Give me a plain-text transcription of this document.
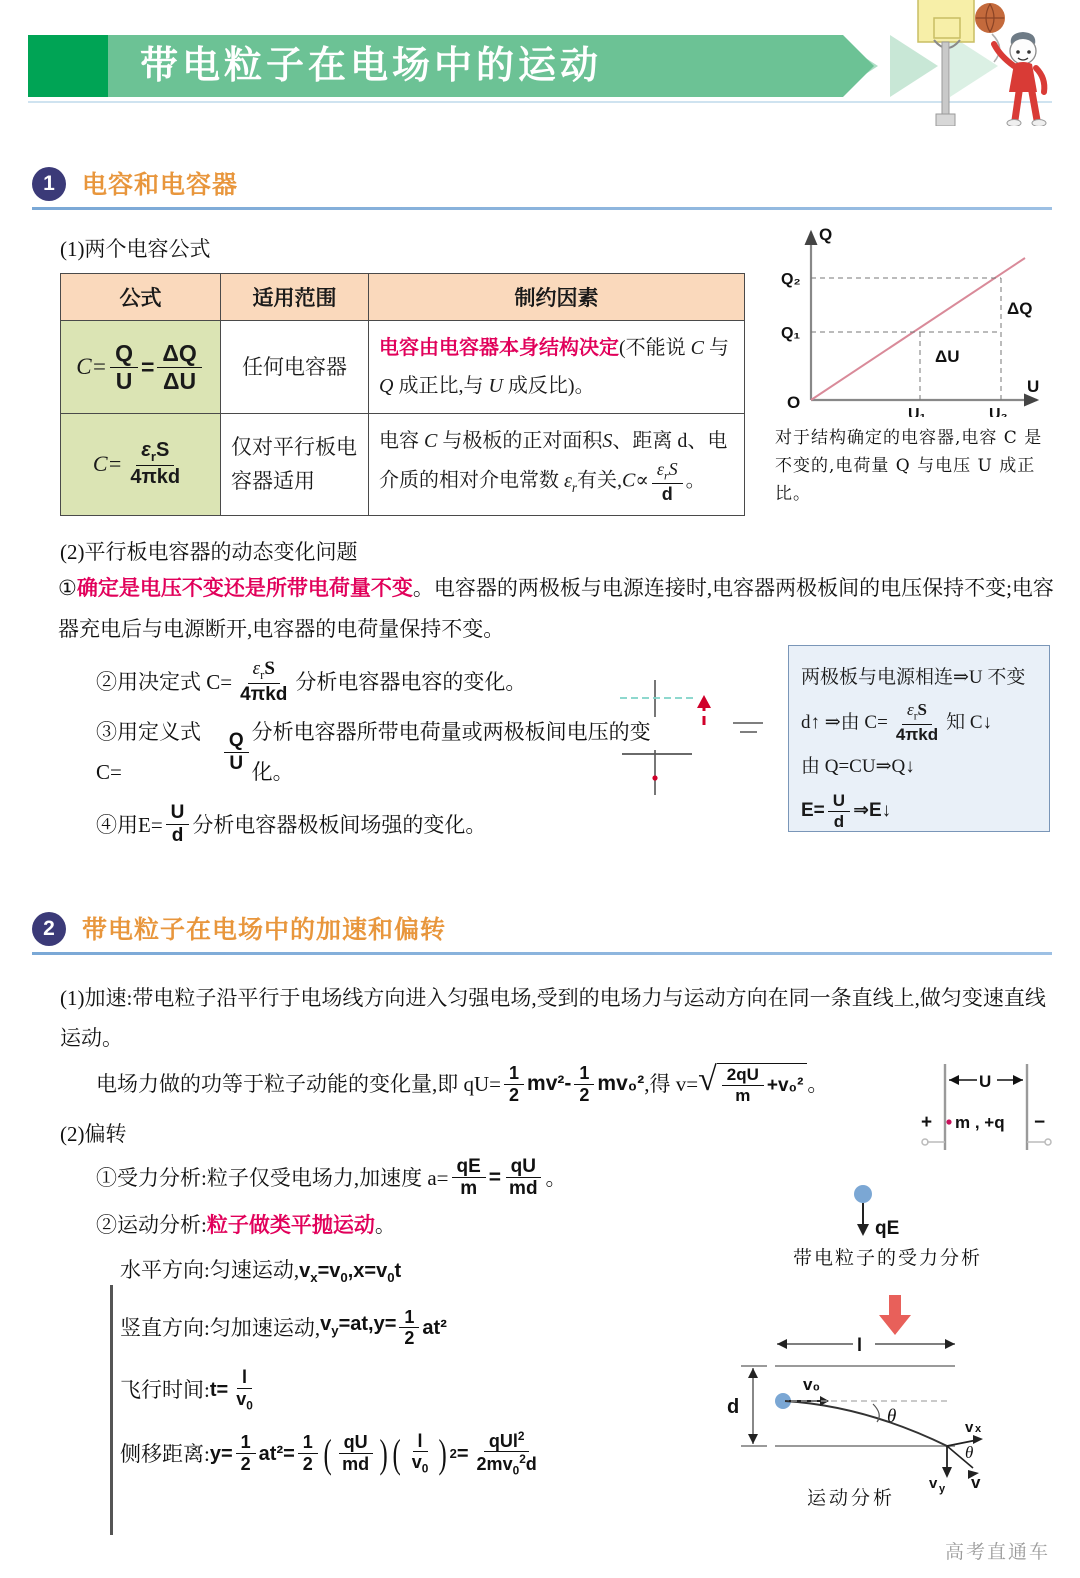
带电粒子在电场中的运动
1	电容和电容器
(1)两个电容公式
公式	适用范围	制约因素

$C= \frac{Q}{U} = \frac{\Delta Q}{\Delta U}$	任何电容器	电容由电容器本身结构决定(不能说 C 与 Q 成正比,与 U 成反比)。

$C= \frac{\varepsilon_rS}{\text{4πkd}}$	仅对平行板电容器适用	电容 C 与极板的正对面积S、距离 d、电介质的相对介电常数 $\varepsilon_r$有关$,C\propto \frac{\varepsilon_rS}{d}$ 。
Q
U
O
Q₂
Q₁
U₁	U₂
ΔQ
ΔU
对于结构确定的电容器,电容 C 是不变的,电荷量 Q 与电压 U 成正比。
(2)平行板电容器的动态变化问题
①确定是电压不变还是所带电荷量不变。电容器的两极板与电源连接时,电容器两极板间的电压保持不变;电容器充电后与电源断开,电容器的电荷量保持不变。
②用决定式 $C= \frac{\varepsilon_rS}{\text{4πkd}}$ 分析电容器电容的变化。
③用定义式 C=	$\frac{Q}{U}$ 分析电容器所带电荷量或两极板间电压的变化。
④用$E= \frac{U}{d}$ 分析电容器极板间场强的变化。
两极板与电源相连⇒U 不变
d↑ ⇒由 $C= \frac{\varepsilon_rS}{\text{4πkd}}$ 知 C↓
由 Q=CU⇒Q↓
$E= \frac{U}{d}$ ⇒E↓
2	带电粒子在电场中的加速和偏转
(1)加速:带电粒子沿平行于电场线方向进入匀强电场,受到的电场力与运动方向在同一条直线上,做匀变速直线运动。
电场力做的功等于粒子动能的变化量,即 $qU= \frac{1}{2} mv^2 - \frac{1}{2} mv_0^2$ ,得 v= √ $\frac{2qU}{m} +v_0^2$ 。	U
+ m , +q −
(2)偏转
①受力分析:粒子仅受电场力,加速度 $a= \frac{qE}{m} = \frac{qU}{md}$ 。
②运动分析:粒子做类平抛运动。
水平方向:匀速运动$,v_x=v_0,x=v_0t$
竖直方向:匀加速运动, $v_y=at,y= \frac{1}{2} at^2$
飞行时间: $t= \frac{l}{v_0}$
侧移距离: $y= \frac{1}{2} at^2= \frac{1}{2}$ ( $\frac{qU}{md}$ ) ( $\frac{l}{v_0}$ ) $2 = \frac{qUl^2}{2mv_0^2d}$
qE
带电粒子的受力分析
l
d
v₀
θ
v x
v y v
θ
运动分析
高考直通车
